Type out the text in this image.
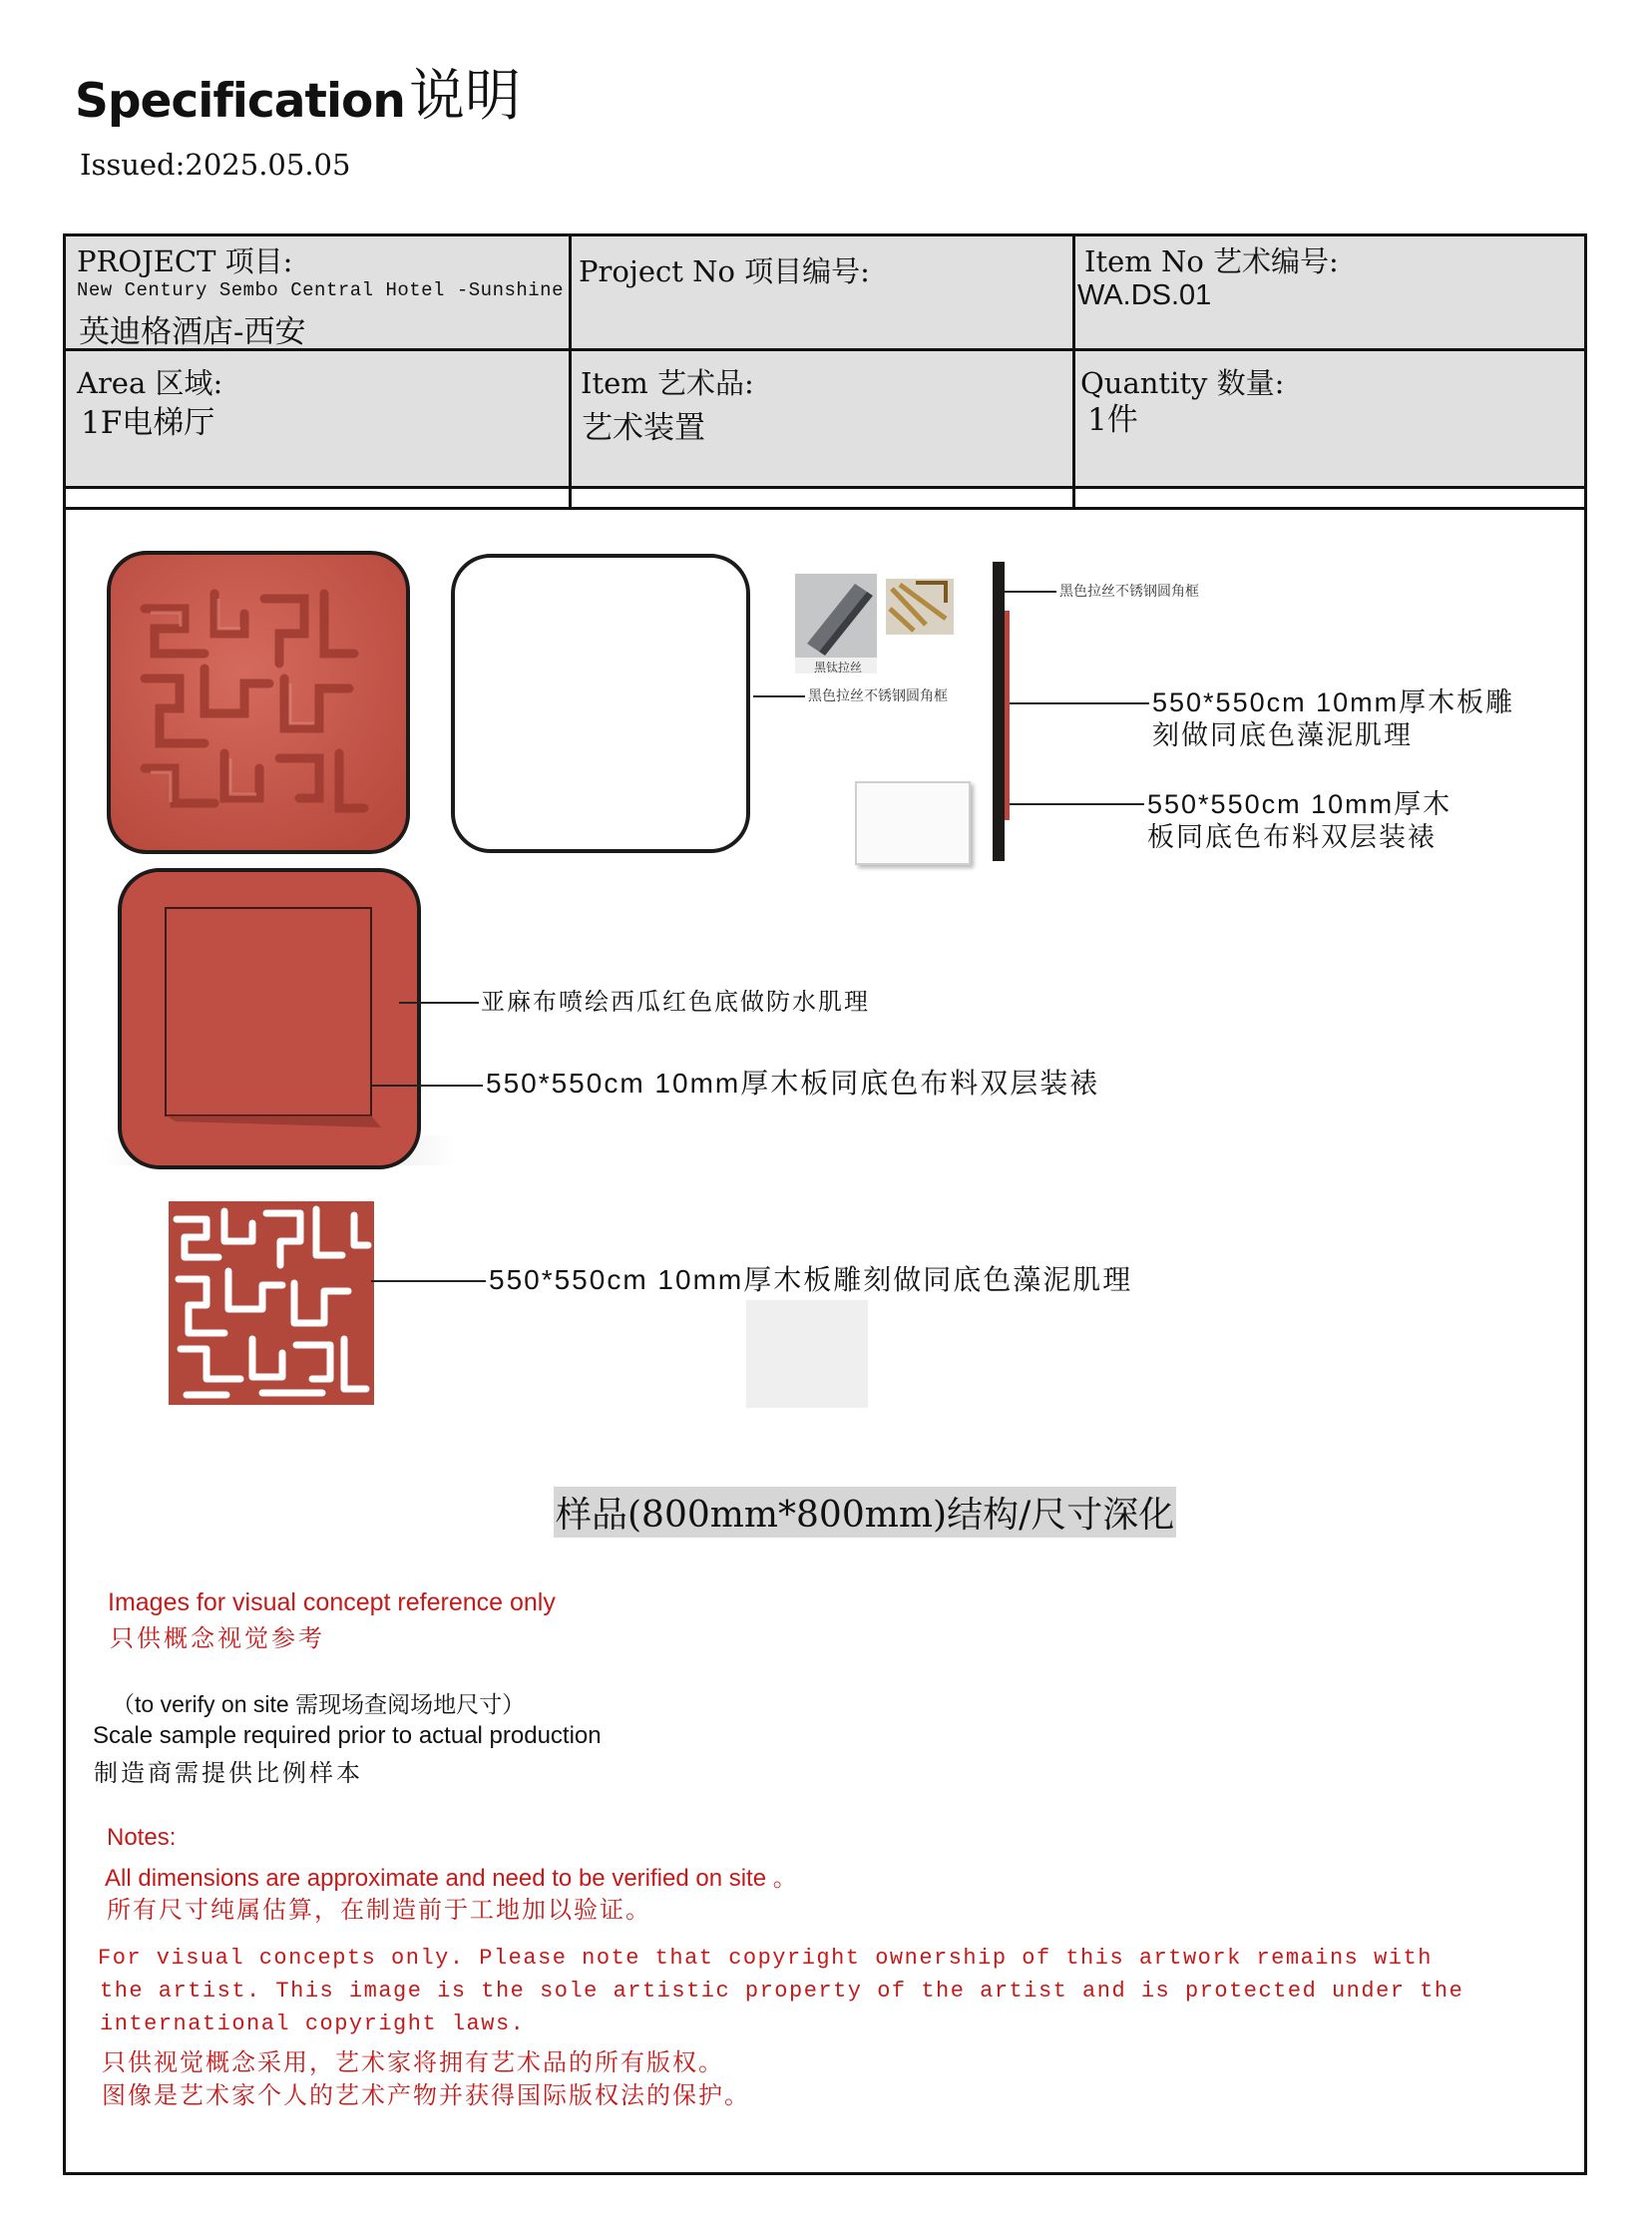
Specification 说明
Issued:2025.05.05
PROJECT 项目:
New Century Sembo Central Hotel -Sunshine
英迪格酒店-西安
Project No 项目编号:	Item No 艺术编号:
WA.DS.01
Area 区域:
1F电梯厅
Item 艺术品:
艺术装置
Quantity 数量:
1件
黑钛拉丝
黑色拉丝不锈钢圆角框
黑色拉丝不锈钢圆角框
550*550cm 10mm厚木板雕
刻做同底色藻泥肌理
550*550cm 10mm厚木
板同底色布料双层装裱
亚麻布喷绘西瓜红色底做防水肌理
550*550cm 10mm厚木板同底色布料双层装裱
550*550cm 10mm厚木板雕刻做同底色藻泥肌理
样品(800mm*800mm)结构/尺寸深化
Images for visual concept reference only
只供概念视觉参考
（to verify on site 需现场查阅场地尺寸）
Scale sample required prior to actual production
制造商需提供比例样本
Notes:
All dimensions are approximate and need to be verified on site 。
所有尺寸纯属估算，在制造前于工地加以验证。
For visual concepts only. Please note that copyright ownership of this artwork remains with
the artist. This image is the sole artistic property of the artist and is protected under the
international copyright laws.
只供视觉概念采用，艺术家将拥有艺术品的所有版权。
图像是艺术家个人的艺术产物并获得国际版权法的保护。
